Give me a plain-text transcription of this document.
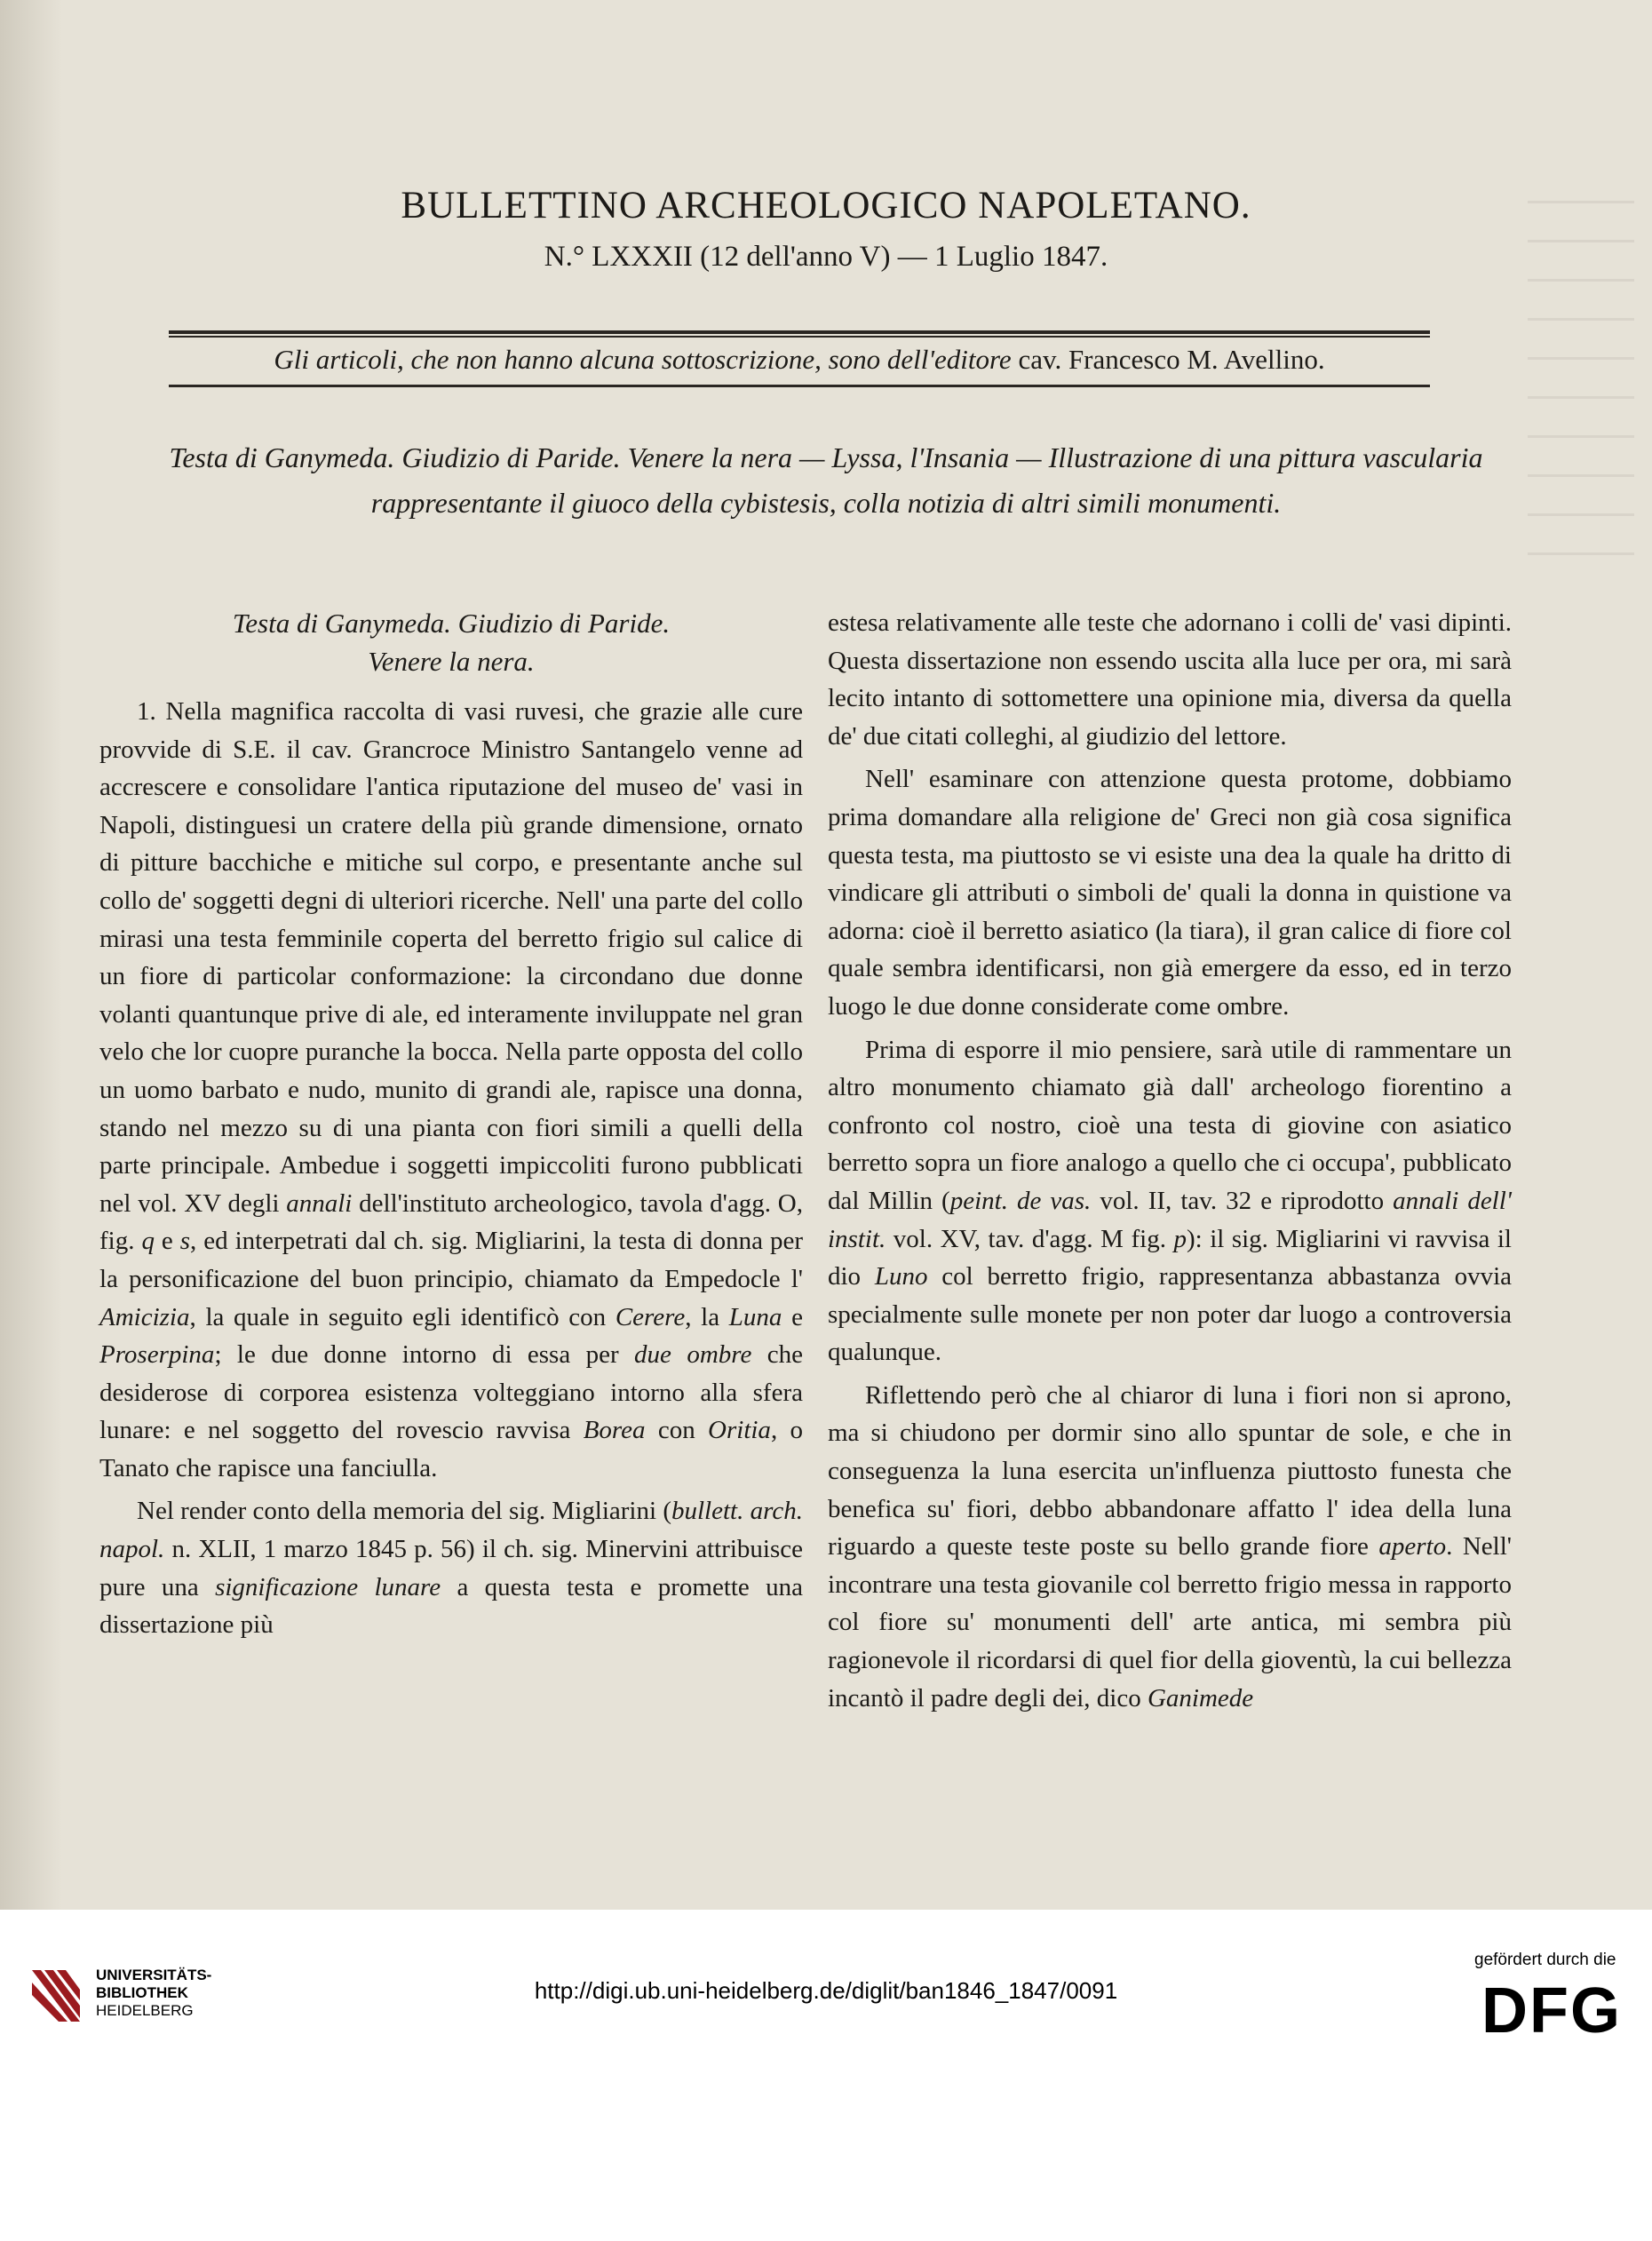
BULLETTINO ARCHEOLOGICO NAPOLETANO.
N.° LXXXII (12 dell'anno V) — 1 Luglio 1847.
Gli articoli, che non hanno alcuna sottoscrizione, sono dell'editore cav. Francesco M. Avellino.
Testa di Ganymeda. Giudizio di Paride. Venere la nera — Lyssa, l'Insania — Illustrazione di una pittura vascularia rappresentante il giuoco della cybistesis, colla notizia di altri simili monumenti.

Testa di Ganymeda. Giudizio di Paride.

Venere la nera.

1. Nella magnifica raccolta di vasi ruvesi, che grazie alle cure provvide di S.E. il cav. Grancroce Ministro Santangelo venne ad accrescere e consolidare l'antica riputazione del museo de' vasi in Napoli, distinguesi un cratere della più grande dimensione, ornato di pitture bacchiche e mitiche sul corpo, e presentante anche sul collo de' soggetti degni di ulteriori ricerche. Nell' una parte del collo mirasi una testa femminile coperta del berretto frigio sul calice di un fiore di particolar conformazione: la circondano due donne volanti quantunque prive di ale, ed interamente inviluppate nel gran velo che lor cuopre puranche la bocca. Nella parte opposta del collo un uomo barbato e nudo, munito di grandi ale, rapisce una donna, stando nel mezzo su di una pianta con fiori simili a quelli della parte principale. Ambedue i soggetti impiccoliti furono pubblicati nel vol. XV degli annali dell'instituto archeologico, tavola d'agg. O, fig. q e s, ed interpetrati dal ch. sig. Migliarini, la testa di donna per la personificazione del buon principio, chiamato da Empedocle l' Amicizia, la quale in seguito egli identificò con Cerere, la Luna e Proserpina; le due donne intorno di essa per due ombre che desiderose di corporea esistenza volteggiano intorno alla sfera lunare: e nel soggetto del rovescio ravvisa Borea con Oritia, o Tanato che rapisce una fanciulla.

Nel render conto della memoria del sig. Migliarini (bullett. arch. napol. n. XLII, 1 marzo 1845 p. 56) il ch. sig. Minervini attribuisce pure una significazione lunare a questa testa e promette una dissertazione più

estesa relativamente alle teste che adornano i colli de' vasi dipinti. Questa dissertazione non essendo uscita alla luce per ora, mi sarà lecito intanto di sottomettere una opinione mia, diversa da quella de' due citati colleghi, al giudizio del lettore.

Nell' esaminare con attenzione questa protome, dobbiamo prima domandare alla religione de' Greci non già cosa significa questa testa, ma piuttosto se vi esiste una dea la quale ha dritto di vindicare gli attributi o simboli de' quali la donna in quistione va adorna: cioè il berretto asiatico (la tiara), il gran calice di fiore col quale sembra identificarsi, non già emergere da esso, ed in terzo luogo le due donne considerate come ombre.

Prima di esporre il mio pensiere, sarà utile di rammentare un altro monumento chiamato già dall' archeologo fiorentino a confronto col nostro, cioè una testa di giovine con asiatico berretto sopra un fiore analogo a quello che ci occupa', pubblicato dal Millin (peint. de vas. vol. II, tav. 32 e riprodotto annali dell' instit. vol. XV, tav. d'agg. M fig. p): il sig. Migliarini vi ravvisa il dio Luno col berretto frigio, rappresentanza abbastanza ovvia specialmente sulle monete per non poter dar luogo a controversia qualunque.

Riflettendo però che al chiaror di luna i fiori non si aprono, ma si chiudono per dormir sino allo spuntar de sole, e che in conseguenza la luna esercita un'influenza piuttosto funesta che benefica su' fiori, debbo abbandonare affatto l' idea della luna riguardo a queste teste poste su bello grande fiore aperto. Nell' incontrare una testa giovanile col berretto frigio messa in rapporto col fiore su' monumenti dell' arte antica, mi sembra più ragionevole il ricordarsi di quel fior della gioventù, la cui bellezza incantò il padre degli dei, dico Ganimede

UNIVERSITÄTS-
BIBLIOTHEK
HEIDELBERG
http://digi.ub.uni-heidelberg.de/diglit/ban1846_1847/0091
gefördert durch die
DFG
